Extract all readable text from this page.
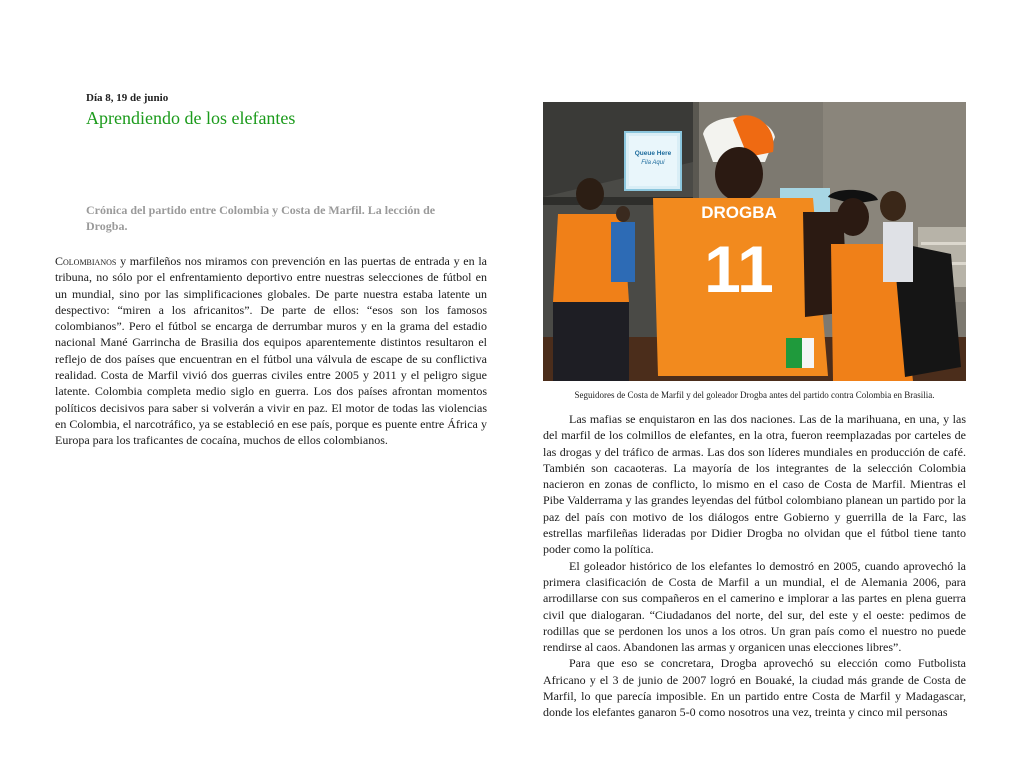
Día 8, 19 de junio
Aprendiendo de los elefantes

Crónica del partido entre Colombia y Costa de Marfil. La lección de Drogba.

Colombianos y marfileños nos miramos con prevención en las puertas de entrada y en la tribuna, no sólo por el enfrentamiento deportivo entre nuestras selecciones de fútbol en un mundial, sino por las simplificaciones globales. De parte nuestra estaba latente un despectivo: “miren a los africanitos”. De parte de ellos: “esos son los famosos colombianos”. Pero el fútbol se encarga de derrumbar muros y en la grama del estadio nacional Mané Garrincha de Brasilia dos equipos aparentemente distintos resultaron el reflejo de dos países que encuentran en el fútbol una válvula de escape de su conflictiva realidad. Costa de Marfil vivió dos guerras civiles entre 2005 y 2011 y el peligro sigue latente. Colombia completa medio siglo en guerra. Los dos países afrontan momentos políticos decisivos para saber si volverán a vivir en paz. El motor de todas las violencias en Colombia, el narcotráfico, ya se estableció en ese país, porque es puente entre África y Europa para los traficantes de cocaína, muchos de ellos colombianos.

Queue Here
Fila Aquí
DROGBA
11

Seguidores de Costa de Marfil y del goleador Drogba antes del partido contra Colombia en Brasilia.

Las mafias se enquistaron en las dos naciones. Las de la marihuana, en una, y las del marfil de los colmillos de elefantes, en la otra, fueron reemplazadas por carteles de las drogas y del tráfico de armas. Las dos son líderes mundiales en producción de café. También son cacaoteras. La mayoría de los integrantes de la selección Colombia nacieron en zonas de conflicto, lo mismo en el caso de Costa de Marfil. Mientras el Pibe Valderrama y las grandes leyendas del fútbol colombiano planean un partido por la paz del país con motivo de los diálogos entre Gobierno y guerrilla de la Farc, las estrellas marfileñas lideradas por Didier Drogba no olvidan que el fútbol tiene tanto poder como la política.

El goleador histórico de los elefantes lo demostró en 2005, cuando aprovechó la primera clasificación de Costa de Marfil a un mundial, el de Alemania 2006, para arrodillarse con sus compañeros en el camerino e implorar a las partes en plena guerra civil que dialogaran. “Ciudadanos del norte, del sur, del este y el oeste: pedimos de rodillas que se perdonen los unos a los otros. Un gran país como el nuestro no puede rendirse al caos. Abandonen las armas y organicen unas elecciones libres”.

Para que eso se concretara, Drogba aprovechó su elección como Futbolista Africano y el 3 de junio de 2007 logró en Bouaké, la ciudad más grande de Costa de Marfil, lo que parecía imposible. En un partido entre Costa de Marfil y Madagascar, donde los elefantes ganaron 5-0 como nosotros una vez, treinta y cinco mil personas
